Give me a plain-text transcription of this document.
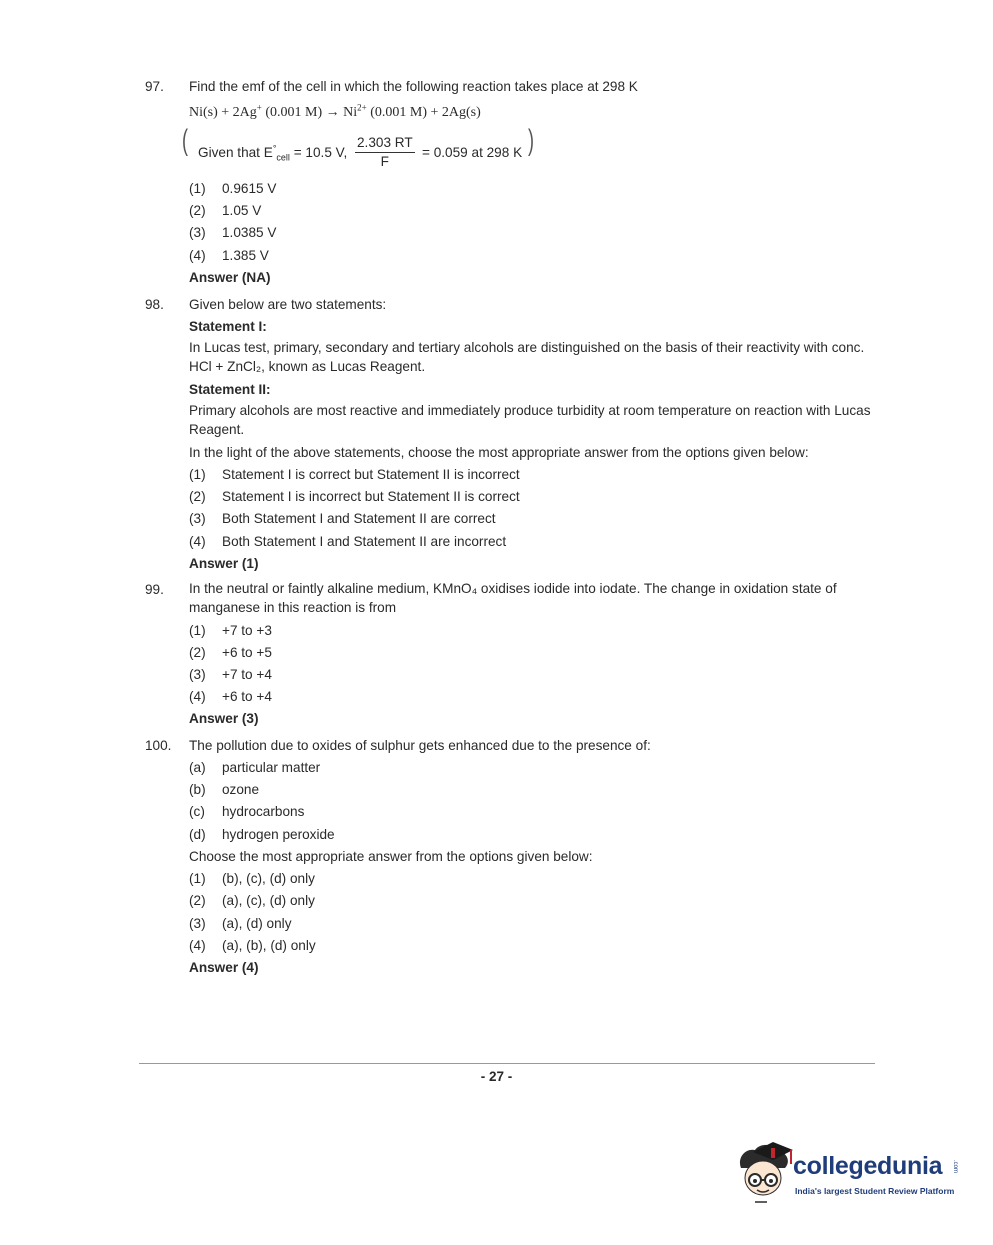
97. Find the emf of the cell in which the following reaction takes place at 298 K
Ni(s) + 2Ag+ (0.001 $M) \to Ni^{2+}$ (0.001 M) + 2Ag(s)
( Given that $E^\circ_{cell} = 10.5$ V, $\frac{2.303 RT}{F} = 0.059$ at 298 K )
(1) 0.9615 V
(2) 1.05 V
(3) 1.0385 V
(4) 1.385 V
Answer (NA)
98. Given below are two statements:
Statement I:
In Lucas test, primary, secondary and tertiary alcohols are distinguished on the basis of their reactivity with conc. HCl + ZnCl₂, known as Lucas Reagent.
Statement II:
Primary alcohols are most reactive and immediately produce turbidity at room temperature on reaction with Lucas Reagent.
In the light of the above statements, choose the most appropriate answer from the options given below:
(1) Statement I is correct but Statement II is incorrect
(2) Statement I is incorrect but Statement II is correct
(3) Both Statement I and Statement II are correct
(4) Both Statement I and Statement II are incorrect
Answer (1)
99. In the neutral or faintly alkaline medium, KMnO₄ oxidises iodide into iodate. The change in oxidation state of manganese in this reaction is from
(1) +7 to +3
(2) +6 to +5
(3) +7 to +4
(4) +6 to +4
Answer (3)
100. The pollution due to oxides of sulphur gets enhanced due to the presence of:
(a) particular matter
(b) ozone
(c) hydrocarbons
(d) hydrogen peroxide
Choose the most appropriate answer from the options given below:
(1) (b), (c), (d) only
(2) (a), (c), (d) only
(3) (a), (d) only
(4) (a), (b), (d) only
Answer (4)
- 27 -
collegedunia .com
India's largest Student Review Platform
